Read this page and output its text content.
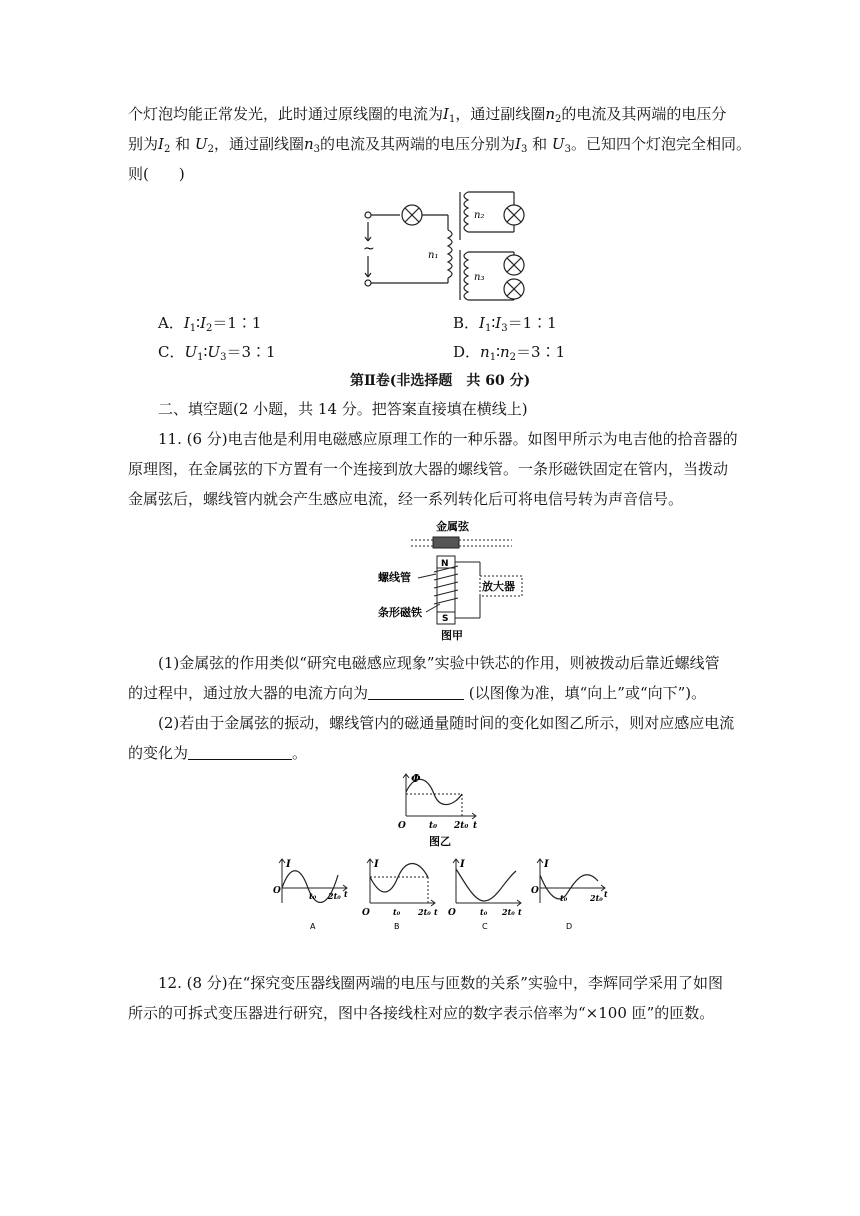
个灯泡均能正常发光，此时通过原线圈的电流为$I_1$，通过副线圈$n_2$的电流及其两端的电压分
别为$I_2$ 和 $U_2$，通过副线圈$n_3$的电流及其两端的电压分别为$I_3$ 和 $U_3$。已知四个灯泡完全相同。
则(　　)
~	n₁
n₂
n₃
A．$I_1∶I_2=1∶1$	B．$I_1∶I_3=1∶1$
C．$U_1∶U_3=3∶1$	D．$n_1∶n_2=3∶1$
第Ⅱ卷(非选择题　共 60 分)
二、填空题(2 小题，共 14 分。把答案直接填在横线上)
11. (6 分)电吉他是利用电磁感应原理工作的一种乐器。如图甲所示为电吉他的拾音器的
原理图，在金属弦的下方置有一个连接到放大器的螺线管。一条形磁铁固定在管内，当拨动
金属弦后，螺线管内就会产生感应电流，经一系列转化后可将电信号转为声音信号。
金属弦
N
S
螺线管
条形磁铁
放大器
图甲
(1)金属弦的作用类似“研究电磁感应现象”实验中铁芯的作用，则被拨动后靠近螺线管
的过程中，通过放大器的电流方向为	(以图像为准，填“向上”或“向下”)。
(2)若由于金属弦的振动，螺线管内的磁通量随时间的变化如图乙所示，则对应感应电流
的变化为	。
Φ
O	t₀ 2t₀ t
图乙
I
O	t₀ 2t₀ t
A
I
O	t₀ 2t₀ t
B
I
O	t₀ 2t₀ t
C
I
O
t₀	2t₀ t
D
12. (8 分)在“探究变压器线圈两端的电压与匝数的关系”实验中，李辉同学采用了如图
所示的可拆式变压器进行研究，图中各接线柱对应的数字表示倍率为“×100 匝”的匝数。
